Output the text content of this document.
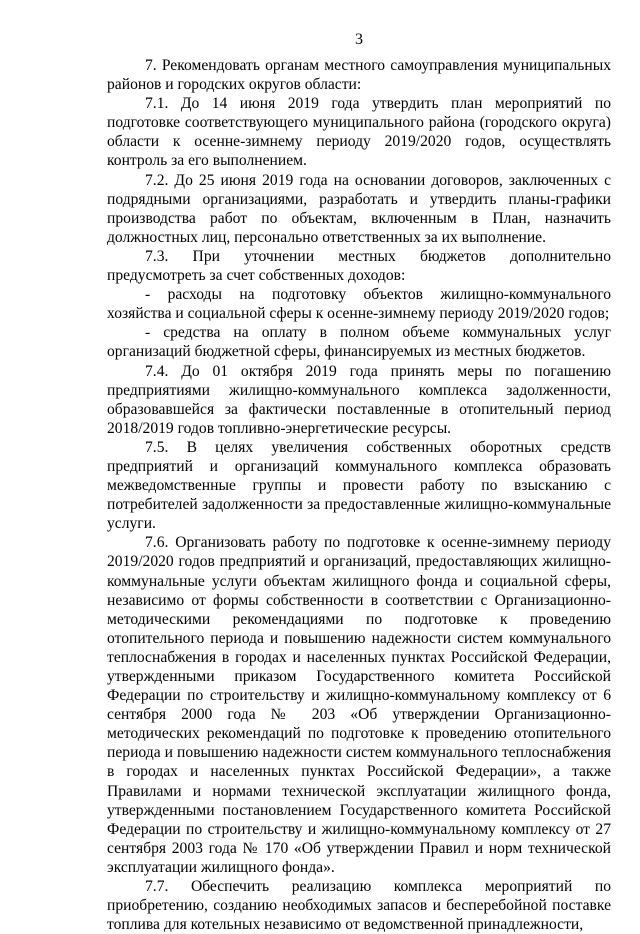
3

7. Рекомендовать органам местного самоуправления муниципальных районов и городских округов области:

7.1. До 14 июня 2019 года утвердить план мероприятий по подготовке соответствующего муниципального района (городского округа) области к осенне-зимнему периоду 2019/2020 годов, осуществлять контроль за его выполнением.

7.2. До 25 июня 2019 года на основании договоров, заключенных с подрядными организациями, разработать и утвердить планы-графики производства работ по объектам, включенным в План, назначить должностных лиц, персонально ответственных за их выполнение.

7.3. При уточнении местных бюджетов дополнительно предусмотреть за счет собственных доходов:

- расходы на подготовку объектов жилищно-коммунального хозяйства и социальной сферы к осенне-зимнему периоду 2019/2020 годов;

- средства на оплату в полном объеме коммунальных услуг организаций бюджетной сферы, финансируемых из местных бюджетов.

7.4. До 01 октября 2019 года принять меры по погашению предприятиями жилищно-коммунального комплекса задолженности, образовавшейся за фактически поставленные в отопительный период 2018/2019 годов топливно-энергетические ресурсы.

7.5. В целях увеличения собственных оборотных средств предприятий и организаций коммунального комплекса образовать межведомственные группы и провести работу по взысканию с потребителей задолженности за предоставленные жилищно-коммунальные услуги.

7.6. Организовать работу по подготовке к осенне-зимнему периоду 2019/2020 годов предприятий и организаций, предоставляющих жилищно-коммунальные услуги объектам жилищного фонда и социальной сферы, независимо от формы собственности в соответствии с Организационно-методическими рекомендациями по подготовке к проведению отопительного периода и повышению надежности систем коммунального теплоснабжения в городах и населенных пунктах Российской Федерации, утвержденными приказом Государственного комитета Российской Федерации по строительству и жилищно-коммунальному комплексу от 6 сентября 2000 года № 203 «Об утверждении Организационно-методических рекомендаций по подготовке к проведению отопительного периода и повышению надежности систем коммунального теплоснабжения в городах и населенных пунктах Российской Федерации», а также Правилами и нормами технической эксплуатации жилищного фонда, утвержденными постановлением Государственного комитета Российской Федерации по строительству и жилищно-коммунальному комплексу от 27 сентября 2003 года № 170 «Об утверждении Правил и норм технической эксплуатации жилищного фонда».

7.7. Обеспечить реализацию комплекса мероприятий по приобретению, созданию необходимых запасов и бесперебойной поставке топлива для котельных независимо от ведомственной принадлежности,
